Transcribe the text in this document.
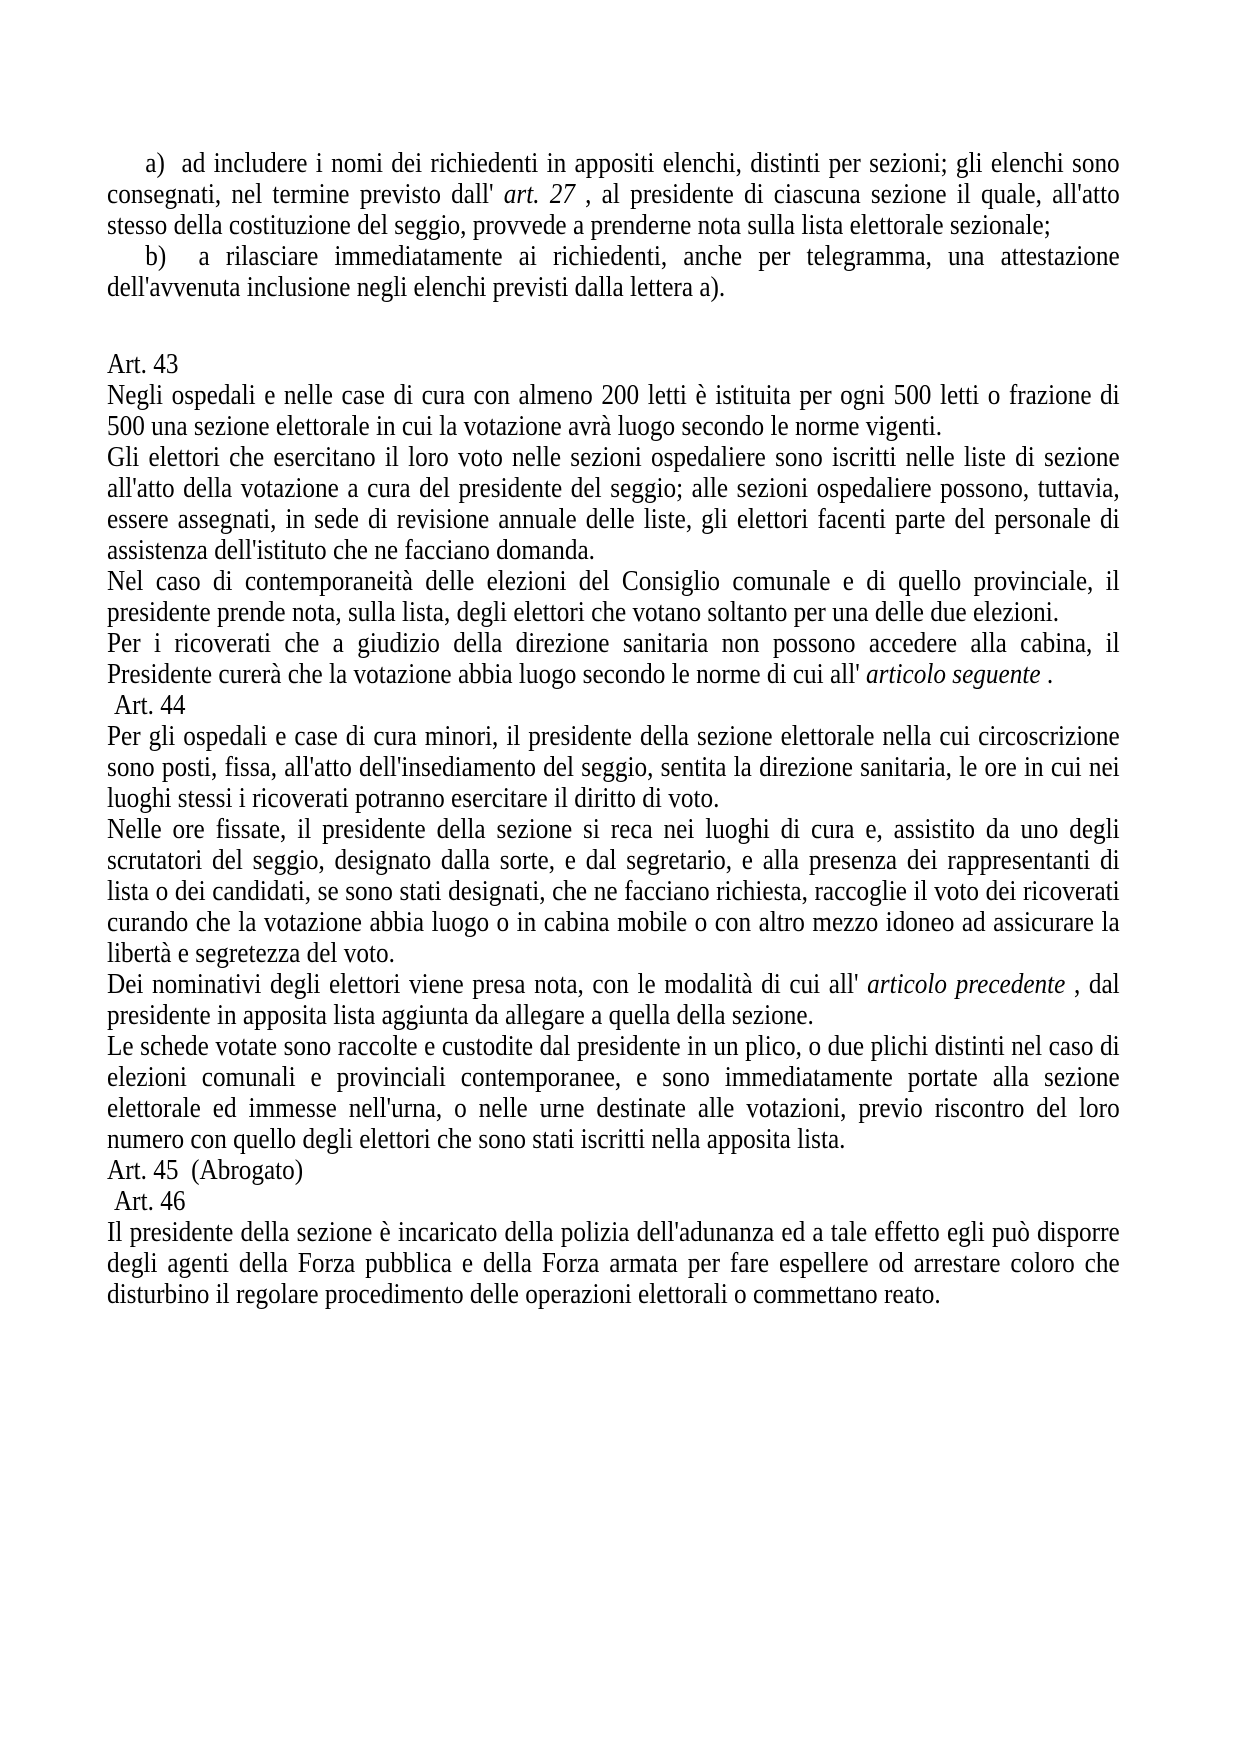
a)  ad includere i nomi dei richiedenti in appositi elenchi, distinti per sezioni; gli elenchi sono consegnati, nel termine previsto dall' art. 27 , al presidente di ciascuna sezione il quale, all'atto stesso della costituzione del seggio, provvede a prenderne nota sulla lista elettorale sezionale;

b)  a rilasciare immediatamente ai richiedenti, anche per telegramma, una attestazione dell'avvenuta inclusione negli elenchi previsti dalla lettera a).

Art. 43

Negli ospedali e nelle case di cura con almeno 200 letti è istituita per ogni 500 letti o frazione di 500 una sezione elettorale in cui la votazione avrà luogo secondo le norme vigenti.

Gli elettori che esercitano il loro voto nelle sezioni ospedaliere sono iscritti nelle liste di sezione all'atto della votazione a cura del presidente del seggio; alle sezioni ospedaliere possono, tuttavia, essere assegnati, in sede di revisione annuale delle liste, gli elettori facenti parte del personale di assistenza dell'istituto che ne facciano domanda.

Nel caso di contemporaneità delle elezioni del Consiglio comunale e di quello provinciale, il presidente prende nota, sulla lista, degli elettori che votano soltanto per una delle due elezioni.

Per i ricoverati che a giudizio della direzione sanitaria non possono accedere alla cabina, il Presidente curerà che la votazione abbia luogo secondo le norme di cui all' articolo seguente .

Art. 44

Per gli ospedali e case di cura minori, il presidente della sezione elettorale nella cui circoscrizione sono posti, fissa, all'atto dell'insediamento del seggio, sentita la direzione sanitaria, le ore in cui nei luoghi stessi i ricoverati potranno esercitare il diritto di voto.

Nelle ore fissate, il presidente della sezione si reca nei luoghi di cura e, assistito da uno degli scrutatori del seggio, designato dalla sorte, e dal segretario, e alla presenza dei rappresentanti di lista o dei candidati, se sono stati designati, che ne facciano richiesta, raccoglie il voto dei ricoverati curando che la votazione abbia luogo o in cabina mobile o con altro mezzo idoneo ad assicurare la libertà e segretezza del voto.

Dei nominativi degli elettori viene presa nota, con le modalità di cui all' articolo precedente , dal presidente in apposita lista aggiunta da allegare a quella della sezione.

Le schede votate sono raccolte e custodite dal presidente in un plico, o due plichi distinti nel caso di elezioni comunali e provinciali contemporanee, e sono immediatamente portate alla sezione elettorale ed immesse nell'urna, o nelle urne destinate alle votazioni, previo riscontro del loro numero con quello degli elettori che sono stati iscritti nella apposita lista.

Art. 45  (Abrogato)

Art. 46

Il presidente della sezione è incaricato della polizia dell'adunanza ed a tale effetto egli può disporre degli agenti della Forza pubblica e della Forza armata per fare espellere od arrestare coloro che disturbino il regolare procedimento delle operazioni elettorali o commettano reato.
